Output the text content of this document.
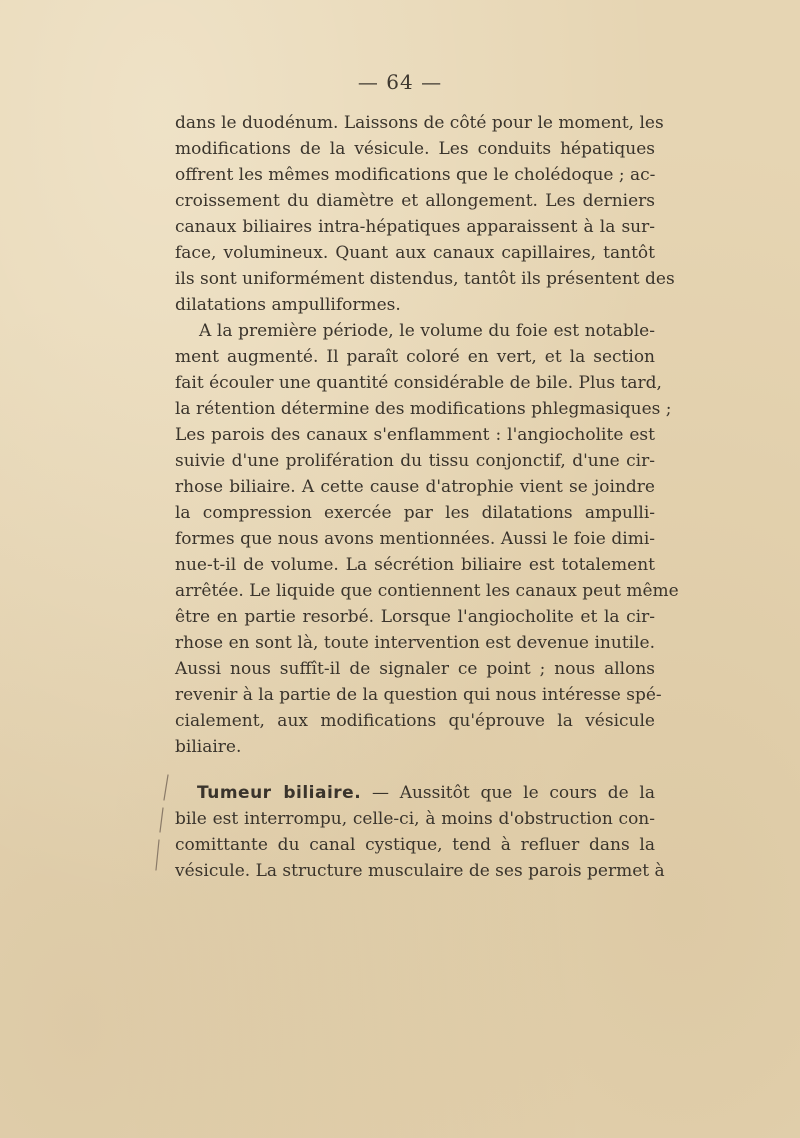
— 64 —
dans le duodénum. Laissons de côté pour le moment, les
modifications de la vésicule. Les conduits hépatiques
offrent les mêmes modifications que le cholédoque ; ac-
croissement du diamètre et allongement. Les derniers
canaux biliaires intra-hépatiques apparaissent à la sur-
face, volumineux. Quant aux canaux capillaires, tantôt
ils sont uniformément distendus, tantôt ils présentent des
dilatations ampulliformes.
A la première période, le volume du foie est notable-
ment augmenté. Il paraît coloré en vert, et la section
fait écouler une quantité considérable de bile. Plus tard,
la rétention détermine des modifications phlegmasiques ;
Les parois des canaux s'enflamment : l'angiocholite est
suivie d'une prolifération du tissu conjonctif, d'une cir-
rhose biliaire. A cette cause d'atrophie vient se joindre
la compression exercée par les dilatations ampulli-
formes que nous avons mentionnées. Aussi le foie dimi-
nue-t-il de volume. La sécrétion biliaire est totalement
arrêtée. Le liquide que contiennent les canaux peut même
être en partie resorbé. Lorsque l'angiocholite et la cir-
rhose en sont là, toute intervention est devenue inutile.
Aussi nous suffît-il de signaler ce point ; nous allons
revenir à la partie de la question qui nous intéresse spé-
cialement, aux modifications qu'éprouve la vésicule
biliaire.
Tumeur biliaire. — Aussitôt que le cours de la
bile est interrompu, celle-ci, à moins d'obstruction con-
comittante du canal cystique, tend à refluer dans la
vésicule. La structure musculaire de ses parois permet à
